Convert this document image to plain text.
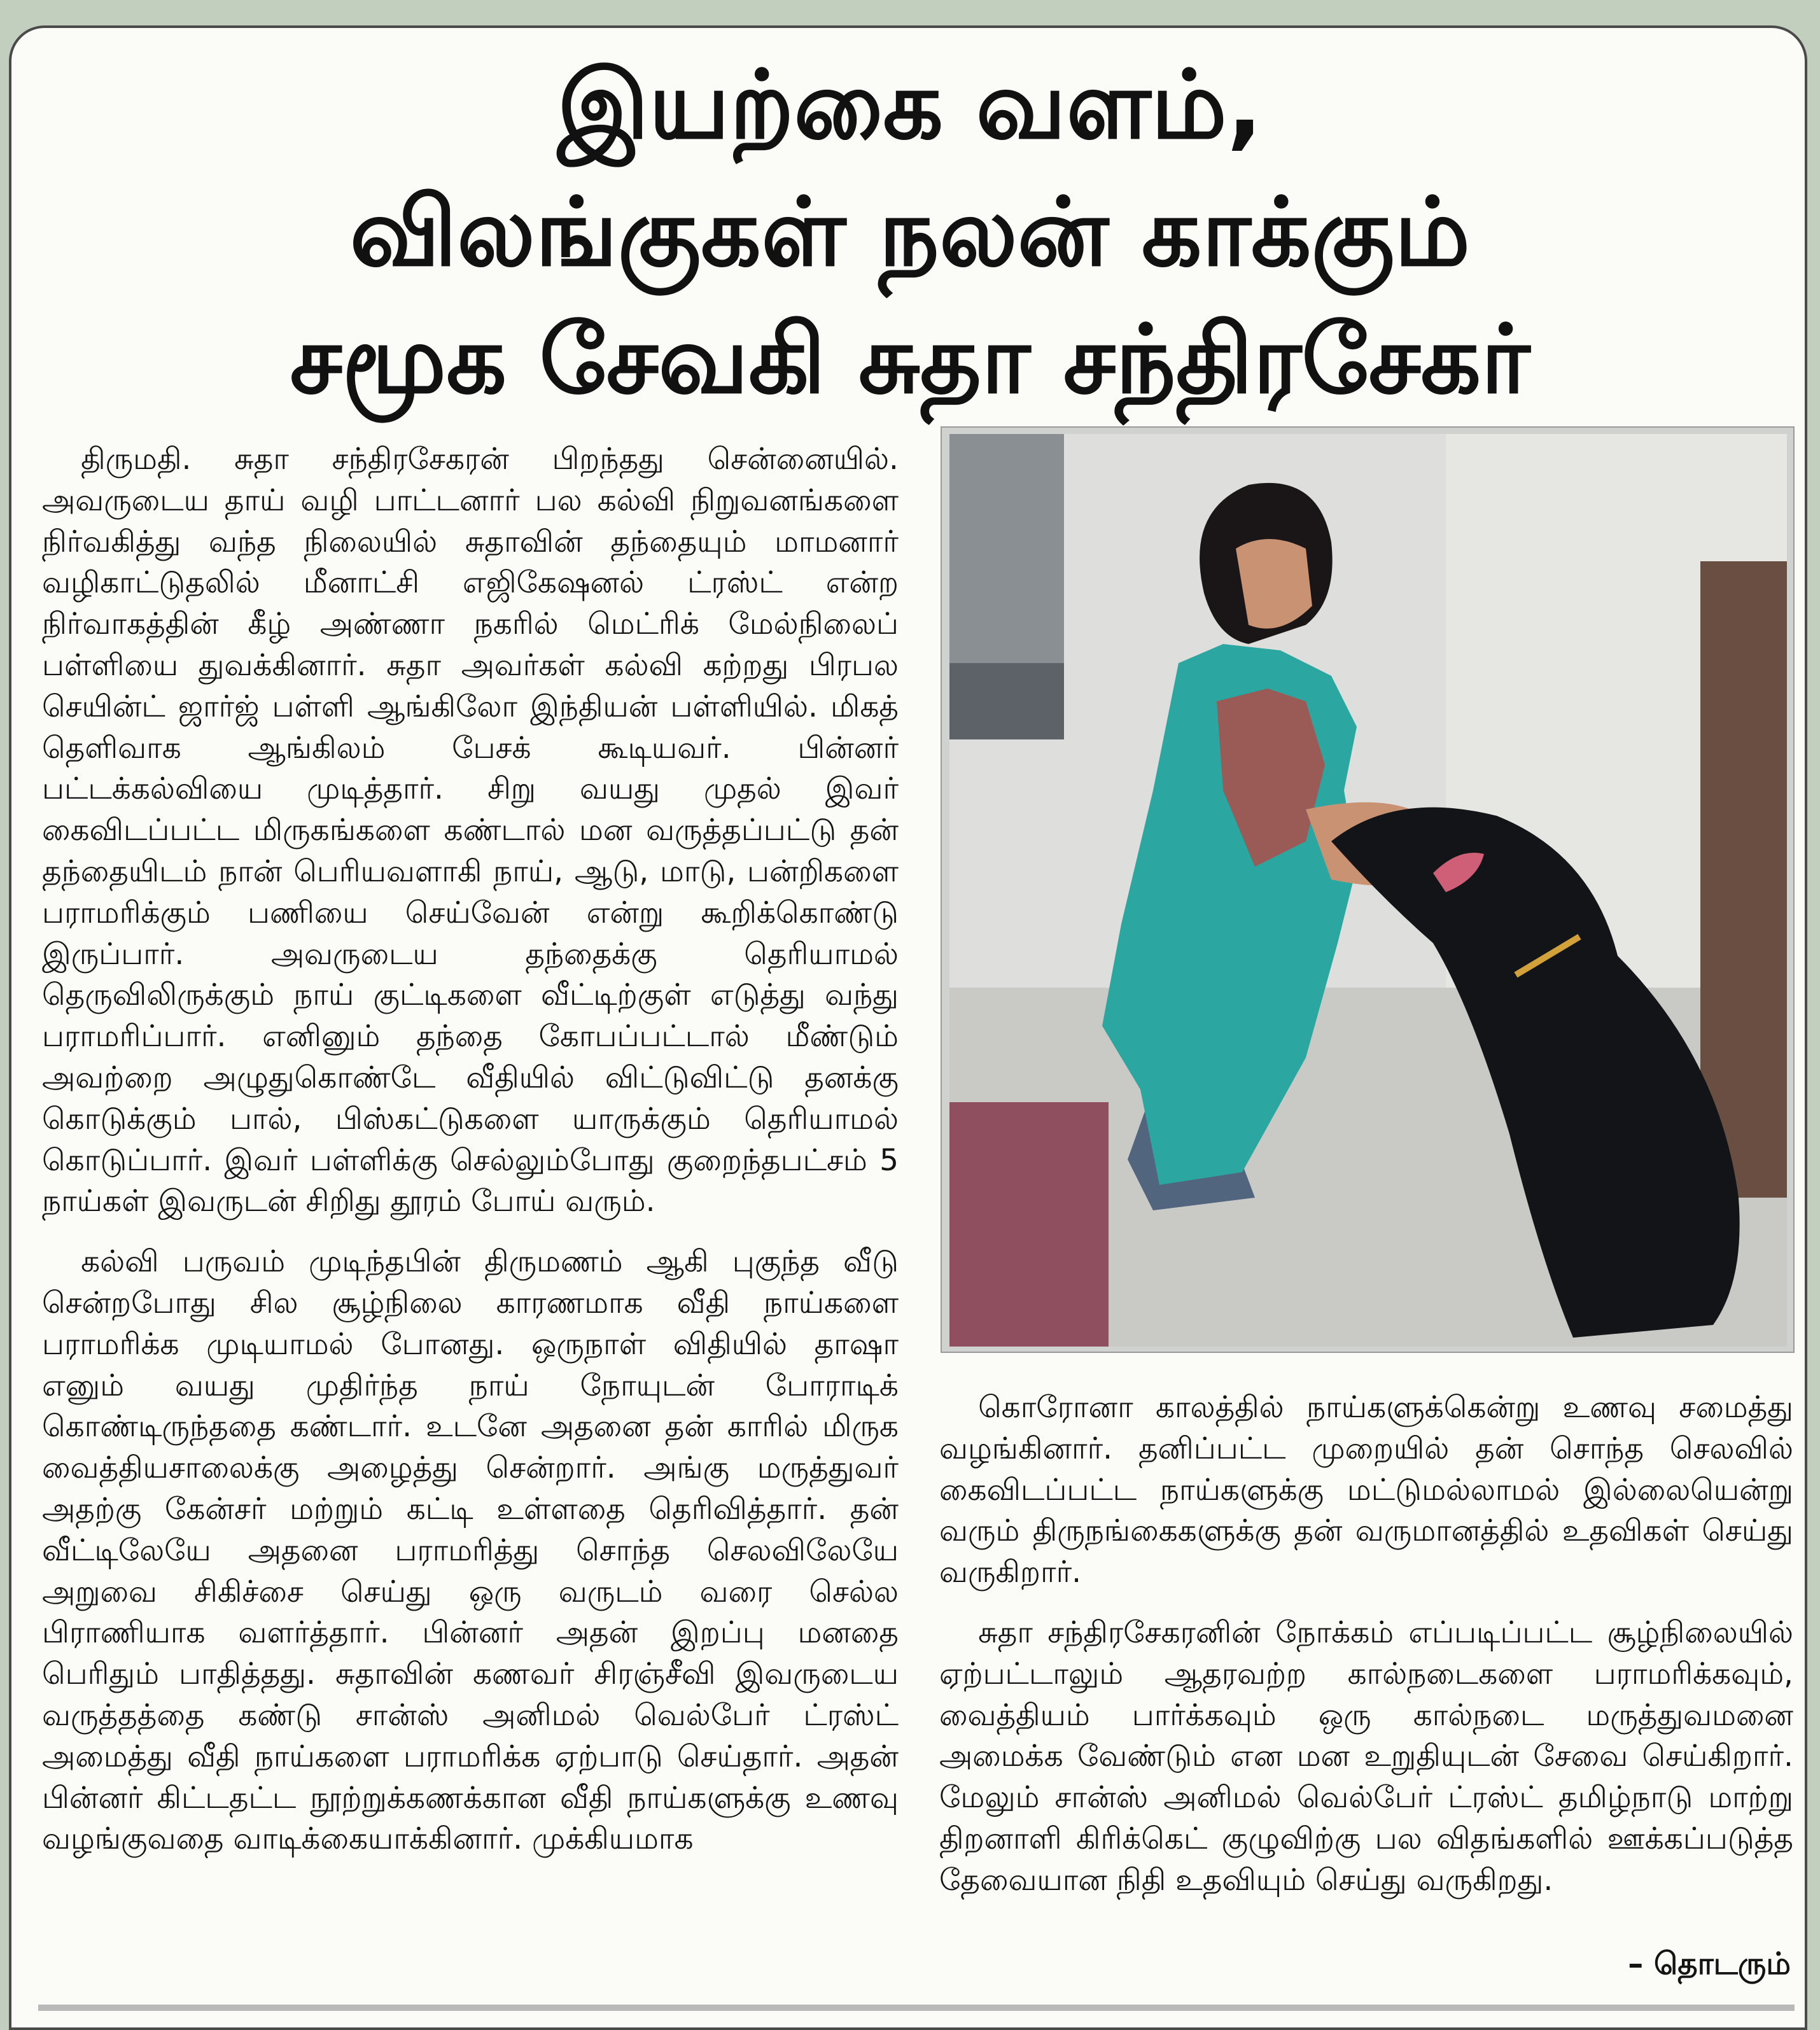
இயற்கை வளம்,
விலங்குகள் நலன் காக்கும்
சமூக சேவகி சுதா சந்திரசேகர்

திருமதி. சுதா சந்திரசேகரன் பிறந்தது சென்னையில். அவருடைய தாய் வழி பாட்டனார் பல கல்வி நிறுவனங்களை நிர்வகித்து வந்த நிலையில் சுதாவின் தந்தையும் மாமனார் வழிகாட்டுதலில் மீனாட்சி எஜிகேஷனல் ட்ரஸ்ட் என்ற நிர்வாகத்தின் கீழ் அண்ணா நகரில் மெட்ரிக் மேல்நிலைப் பள்ளியை துவக்கினார். சுதா அவர்கள் கல்வி கற்றது பிரபல செயின்ட் ஜார்ஜ் பள்ளி ஆங்கிலோ இந்தியன் பள்ளியில். மிகத் தெளிவாக ஆங்கிலம் பேசக் கூடியவர். பின்னர் பட்டக்கல்வியை முடித்தார். சிறு வயது முதல் இவர் கைவிடப்பட்ட மிருகங்களை கண்டால் மன வருத்தப்பட்டு தன் தந்தையிடம் நான் பெரியவளாகி நாய், ஆடு, மாடு, பன்றிகளை பராமரிக்கும் பணியை செய்வேன் என்று கூறிக்கொண்டு இருப்பார். அவருடைய தந்தைக்கு தெரியாமல் தெருவிலிருக்கும் நாய் குட்டிகளை வீட்டிற்குள் எடுத்து வந்து பராமரிப்பார். எனினும் தந்தை கோபப்பட்டால் மீண்டும் அவற்றை அழுதுகொண்டே வீதியில் விட்டுவிட்டு தனக்கு கொடுக்கும் பால், பிஸ்கட்டுகளை யாருக்கும் தெரியாமல் கொடுப்பார். இவர் பள்ளிக்கு செல்லும்போது குறைந்தபட்சம் 5 நாய்கள் இவருடன் சிறிது தூரம் போய் வரும்.

கல்வி பருவம் முடிந்தபின் திருமணம் ஆகி புகுந்த வீடு சென்றபோது சில சூழ்நிலை காரணமாக வீதி நாய்களை பராமரிக்க முடியாமல் போனது. ஒருநாள் விதியில் தாஷா எனும் வயது முதிர்ந்த நாய் நோயுடன் போராடிக் கொண்டிருந்ததை கண்டார். உடனே அதனை தன் காரில் மிருக வைத்தியசாலைக்கு அழைத்து சென்றார். அங்கு மருத்துவர் அதற்கு கேன்சர் மற்றும் கட்டி உள்ளதை தெரிவித்தார். தன் வீட்டிலேயே அதனை பராமரித்து சொந்த செலவிலேயே அறுவை சிகிச்சை செய்து ஒரு வருடம் வரை செல்ல பிராணியாக வளர்த்தார். பின்னர் அதன் இறப்பு மனதை பெரிதும் பாதித்தது. சுதாவின் கணவர் சிரஞ்சீவி இவருடைய வருத்தத்தை கண்டு சான்ஸ் அனிமல் வெல்பேர் ட்ரஸ்ட் அமைத்து வீதி நாய்களை பராமரிக்க ஏற்பாடு செய்தார். அதன் பின்னர் கிட்டதட்ட நூற்றுக்கணக்கான வீதி நாய்களுக்கு உணவு வழங்குவதை வாடிக்கையாக்கினார். முக்கியமாக

கொரோனா காலத்தில் நாய்களுக்கென்று உணவு சமைத்து வழங்கினார். தனிப்பட்ட முறையில் தன் சொந்த செலவில் கைவிடப்பட்ட நாய்களுக்கு மட்டுமல்லாமல் இல்லையென்று வரும் திருநங்கைகளுக்கு தன் வருமானத்தில் உதவிகள் செய்து வருகிறார்.

சுதா சந்திரசேகரனின் நோக்கம் எப்படிப்பட்ட சூழ்நிலையில் ஏற்பட்டாலும் ஆதரவற்ற கால்நடைகளை பராமரிக்கவும், வைத்தியம் பார்க்கவும் ஒரு கால்நடை மருத்துவமனை அமைக்க வேண்டும் என மன உறுதியுடன் சேவை செய்கிறார். மேலும் சான்ஸ் அனிமல் வெல்பேர் ட்ரஸ்ட் தமிழ்நாடு மாற்று திறனாளி கிரிக்கெட் குழுவிற்கு பல விதங்களில் ஊக்கப்படுத்த தேவையான நிதி உதவியும் செய்து வருகிறது.

– தொடரும்
